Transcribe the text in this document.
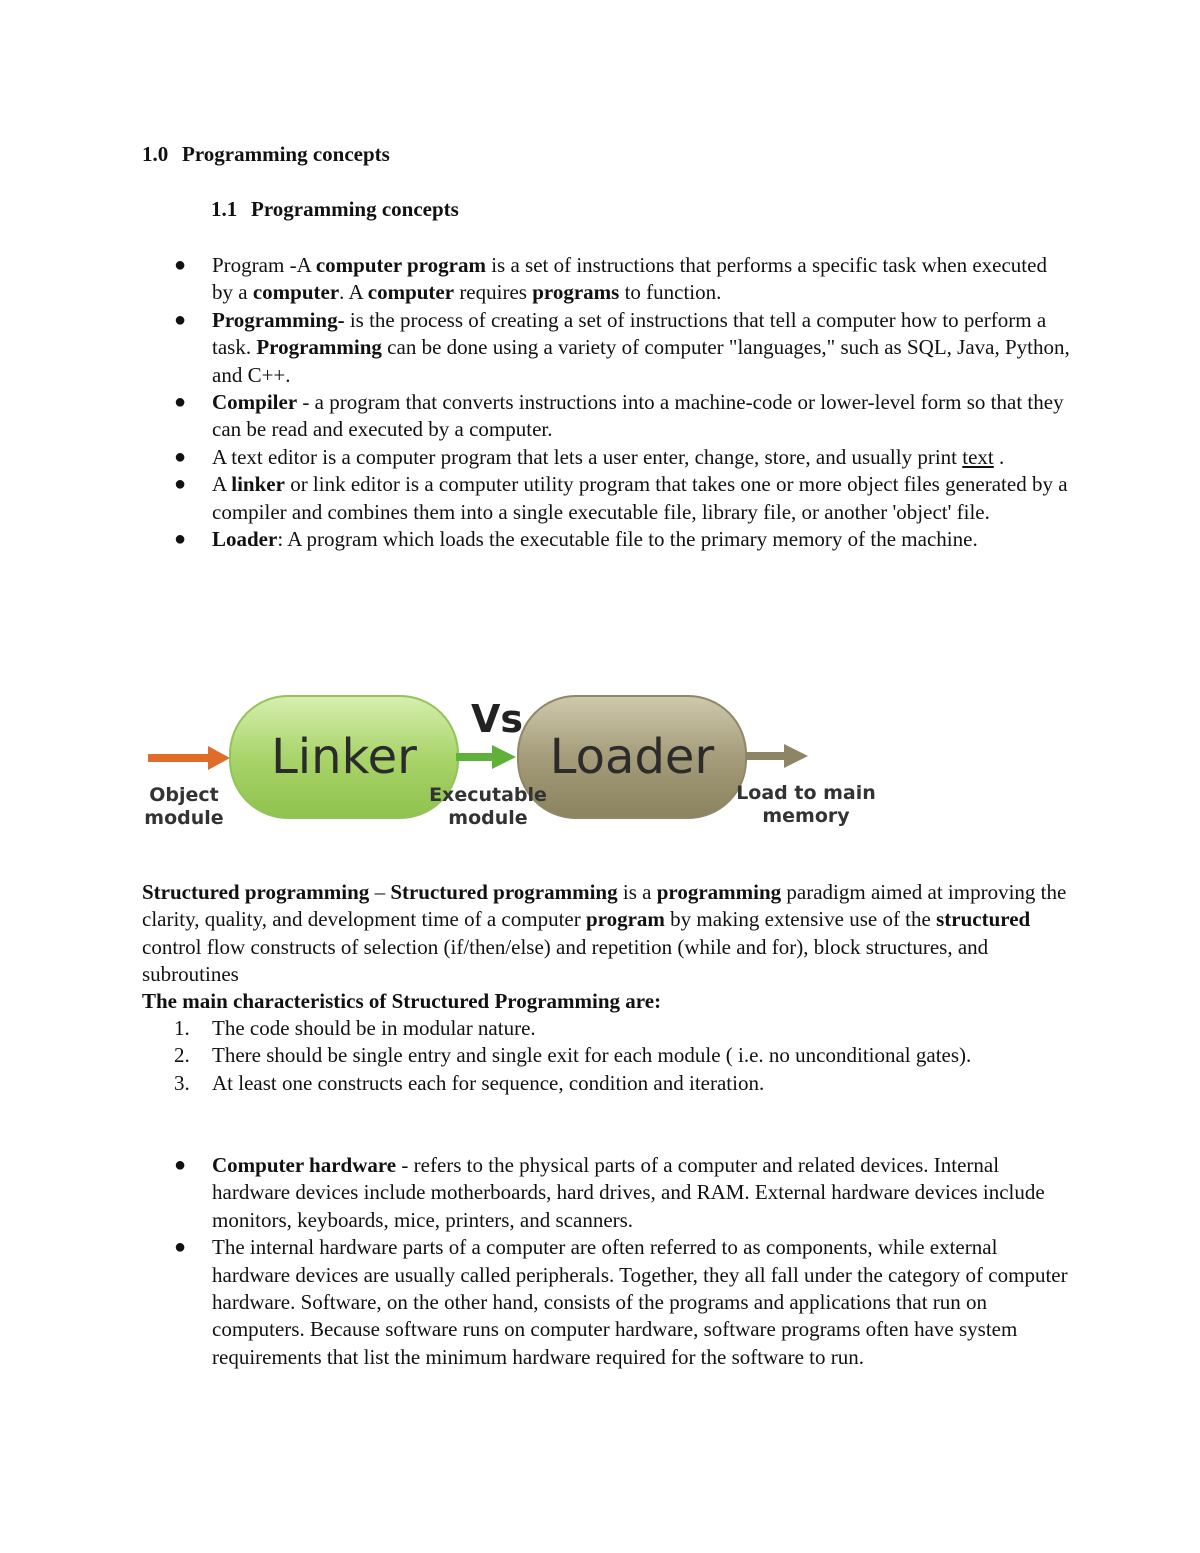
1.0 Programming concepts
1.1 Programming concepts
● Program -A computer program is a set of instructions that performs a specific task when executed by a computer. A computer requires programs to function.
● Programming- is the process of creating a set of instructions that tell a computer how to perform a task. Programming can be done using a variety of computer "languages," such as SQL, Java, Python, and C++.
● Compiler - a program that converts instructions into a machine-code or lower-level form so that they can be read and executed by a computer.
● A text editor is a computer program that lets a user enter, change, store, and usually print text .
● A linker or link editor is a computer utility program that takes one or more object files generated by a compiler and combines them into a single executable file, library file, or another 'object' file.
● Loader: A program which loads the executable file to the primary memory of the machine.
Linker
Vs
Loader
Object
module
Executable
module
Load to main
memory
Structured programming – Structured programming is a programming paradigm aimed at improving the clarity, quality, and development time of a computer program by making extensive use of the structured control flow constructs of selection (if/then/else) and repetition (while and for), block structures, and subroutines
The main characteristics of Structured Programming are:
1. The code should be in modular nature.
2. There should be single entry and single exit for each module ( i.e. no unconditional gates).
3. At least one constructs each for sequence, condition and iteration.
● Computer hardware - refers to the physical parts of a computer and related devices. Internal hardware devices include motherboards, hard drives, and RAM. External hardware devices include monitors, keyboards, mice, printers, and scanners.
● The internal hardware parts of a computer are often referred to as components, while external hardware devices are usually called peripherals. Together, they all fall under the category of computer hardware. Software, on the other hand, consists of the programs and applications that run on computers. Because software runs on computer hardware, software programs often have system requirements that list the minimum hardware required for the software to run.
